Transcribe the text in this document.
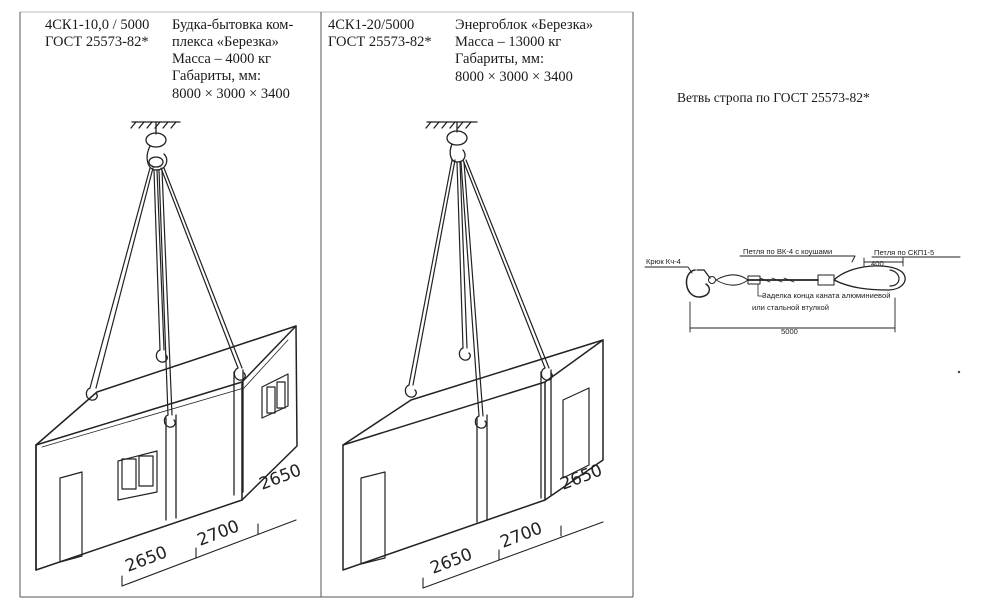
4СК1-10,0 / 5000
ГОСТ 25573-82*
Будка-бытовка ком-
плекса «Березка»
Масса – 4000 кг
Габариты, мм:
8000 × 3000 × 3400
2650
2700
2650
4СК1-20/5000
ГОСТ 25573-82*
Энергоблок «Березка»
Масса – 13000 кг
Габариты, мм:
8000 × 3000 × 3400
2650
2700
2650
Ветвь стропа по ГОСТ 25573-82*
Крюк Кч-4
Петля по ВК-4 с коушами	Петля по СКП1-5
400
Заделка конца каната алюминиевой
или стальной втулкой
5000
